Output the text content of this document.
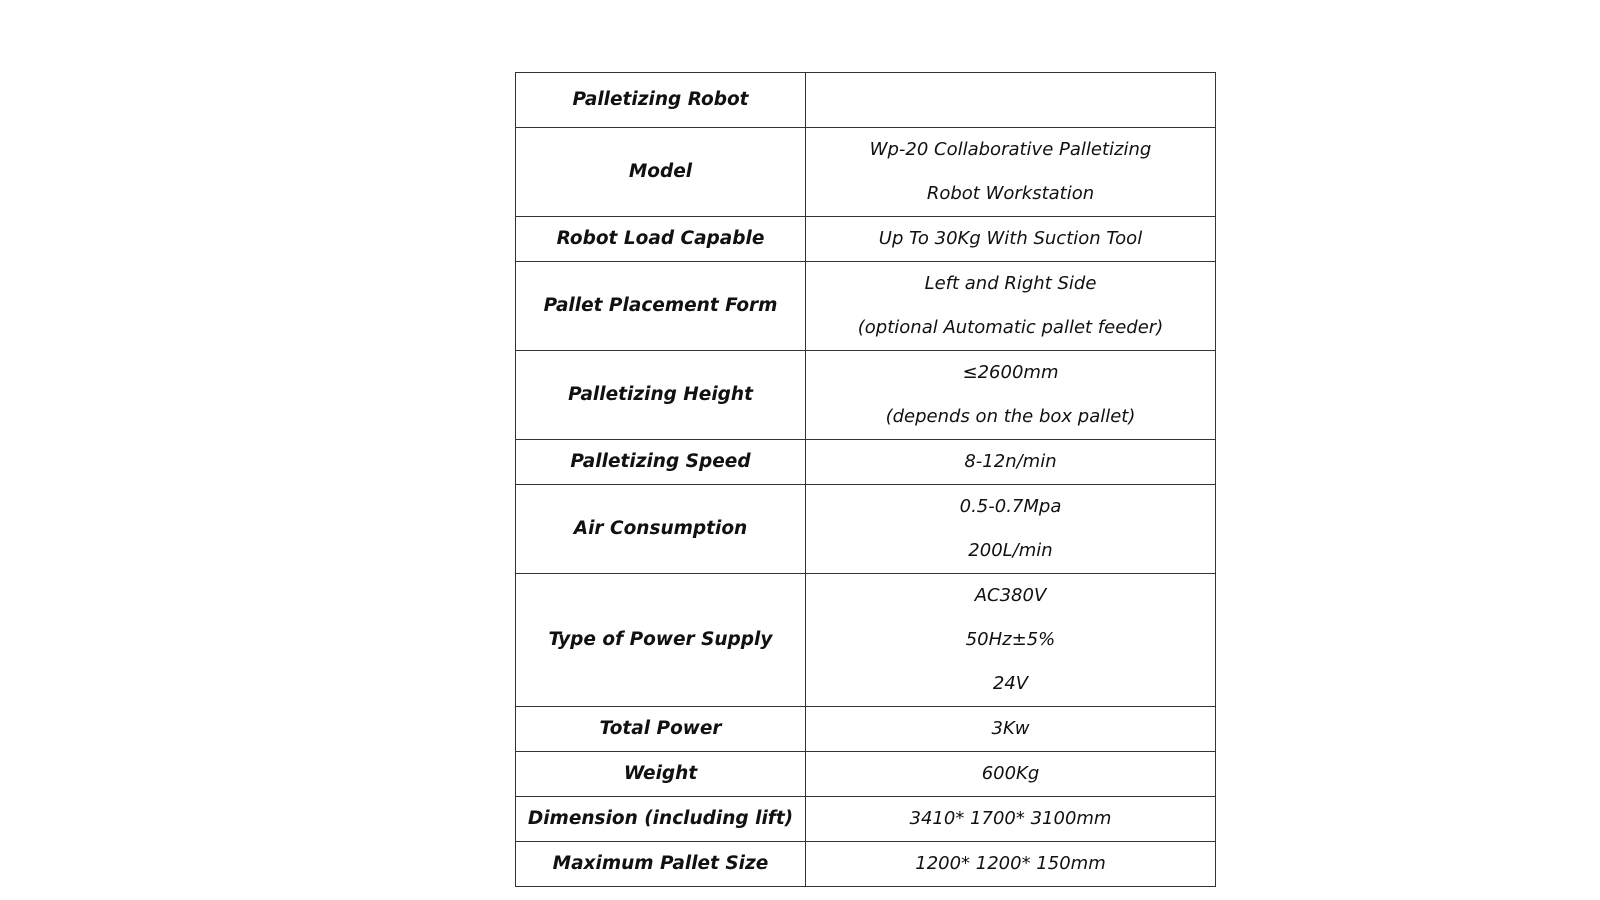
Palletizing Robot	

Model	Wp-20 Collaborative Palletizing
Robot Workstation

Robot Load Capable	Up To 30Kg With Suction Tool

Pallet Placement Form	Left and Right Side
(optional Automatic pallet feeder)

Palletizing Height	≤2600mm
(depends on the box pallet)

Palletizing Speed	8-12n/min

Air Consumption	0.5-0.7Mpa
200L/min

Type of Power Supply	AC380V
50Hz±5%
24V

Total Power	3Kw

Weight	600Kg

Dimension (including lift)	3410* 1700* 3100mm

Maximum Pallet Size	1200* 1200* 150mm
